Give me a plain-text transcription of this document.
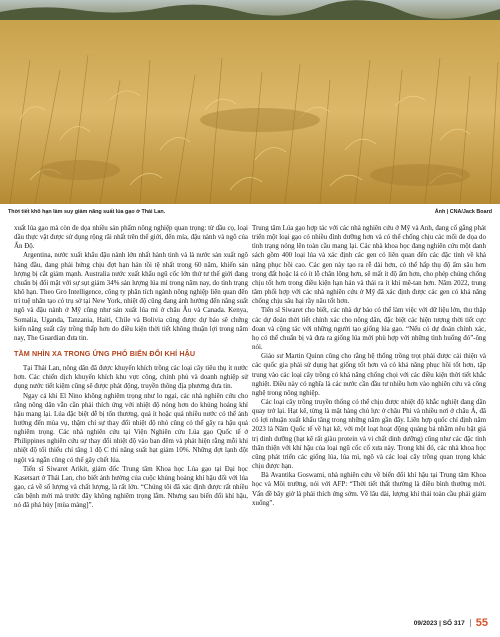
Thời tiết khô hạn làm suy giảm năng suất lúa gạo ở Thái Lan.	Ảnh | CNA/Jack Board

xuất lúa gạo mà còn đe dọa nhiều sản phẩm nông nghiệp quan trọng: từ dầu cọ, loại dầu thực vật được sử dụng rộng rãi nhất trên thế giới, đến mía, đậu nành và ngô của Ấn Độ.

Argentina, nước xuất khẩu đậu nành lớn nhất hành tinh và là nước sản xuất ngô hàng đầu, đang phải hứng chịu đợt hạn hán tồi tệ nhất trong 60 năm, khiến sản lượng bị cắt giảm mạnh. Australia nước xuất khẩu ngũ cốc lớn thứ tư thế giới đang chuẩn bị đối mặt với sự sụt giảm 34% sản lượng lúa mì trong năm nay, do tình trạng khô hạn. Theo Gro Intelligence, công ty phân tích ngành nông nghiệp liên quan đến trí tuệ nhân tạo có trụ sở tại New York, nhiệt độ cũng đang ảnh hưởng đến năng suất ngô và đậu nành ở Mỹ cũng như sản xuất lúa mì ở châu Âu và Canada. Kenya, Somalia, Uganda, Tanzania, Haiti, Chile và Bolivia cũng được dự báo sẽ chứng kiến năng suất cây trồng thấp hơn do điều kiện thời tiết không thuận lợi trong năm nay, The Guardian đưa tin.

TẦM NHÌN XA TRONG ỨNG PHÓ BIẾN ĐỔI KHÍ HẬU

Tại Thái Lan, nông dân đã được khuyến khích trồng các loại cây tiêu thụ ít nước hơn. Các chiến dịch khuyến khích khu vực công, chính phủ và doanh nghiệp sử dụng nước tiết kiệm cũng sẽ được phát động, truyền thông địa phương đưa tin.

Ngay cả khi El Nino không nghiêm trọng như lo ngại, các nhà nghiên cứu cho rằng nông dân vẫn cần phải thích ứng với nhiệt độ nóng hơn do khủng hoảng khí hậu mang lại. Lúa đặc biệt dễ bị tổn thương, quá ít hoặc quá nhiều nước có thể ảnh hưởng đến mùa vụ, thậm chí sự thay đổi nhiệt độ nhỏ cũng có thể gây ra hậu quả nghiêm trọng. Các nhà nghiên cứu tại Viện Nghiên cứu Lúa gạo Quốc tế ở Philippines nghiên cứu sự thay đổi nhiệt độ vào ban đêm và phát hiện rằng mỗi khi nhiệt độ tối thiểu chỉ tăng 1 độ C thì năng suất hạt giảm 10%. Những đợt lạnh đột ngột và ngắn cũng có thể gây chết lúa.

Tiến sĩ Siwaret Arikit, giám đốc Trung tâm Khoa học Lúa gạo tại Đại học Kasetsart ở Thái Lan, cho biết ảnh hưởng của cuộc khủng hoảng khí hậu đối với lúa gạo, cả về số lượng và chất lượng, là rất lớn. “Chúng tôi đã xác định được rất nhiều căn bệnh mới mà trước đây không nghiêm trọng lắm. Nhưng sau biến đổi khí hậu, nó đã phá hủy [mùa màng]”.

Trung tâm Lúa gạo hợp tác với các nhà nghiên cứu ở Mỹ và Anh, đang cố gắng phát triển một loại gạo có nhiều đỉnh dưỡng hơn và có thể chống chịu các mối đe dọa do tình trạng nóng lên toàn cầu mang lại. Các nhà khoa học đang nghiên cứu một danh sách gồm 400 loại lúa và xác định các gen có liên quan đến các đặc tính về khả năng phục hồi cao. Các gen này tạo ra rễ dài hơn, có thể hấp thụ độ ẩm sâu hơn trong đất hoặc lá có ít lỗ chân lông hơn, sẽ mất ít độ ẩm hơn, cho phép chúng chống chịu tốt hơn trong điều kiện hạn hán và thải ra ít khí mê-tan hơn. Năm 2022, trung tâm phối hợp với các nhà nghiên cứu ở Mỹ đã xác định được các gen có khả năng chống chịu sâu hại rầy nâu tốt hơn.

Tiến sĩ Siwaret cho biết, các nhà dự báo có thể làm việc với dữ liệu lớn, thu thập các dự đoán thời tiết chính xác cho nông dân, đặc biệt các hiện tượng thời tiết cực đoan và cộng tác với những người tạo giống lúa gạo. “Nếu có dự đoán chính xác, họ có thể chuẩn bị và đưa ra giống lúa mới phù hợp với những tình huống đó”-ông nói.

Giáo sư Martin Quinn cũng cho rằng hệ thống trồng trọt phải được cải thiện và các quốc gia phải sử dụng hạt giống tốt hơn và có khả năng phục hồi tốt hơn, tập trung vào các loại cây trồng có khả năng chống chọi với các điều kiện thời tiết khắc nghiệt. Điều này có nghĩa là các nước cần đầu tư nhiều hơn vào nghiên cứu và công nghệ trong nông nghiệp.

Các loại cây trồng truyền thống có thể chịu được nhiệt độ khắc nghiệt đang dần quay trở lại. Hạt kê, từng là mặt hàng chủ lực ở châu Phi và nhiều nơi ở châu Á, đã có lợi nhuận xuất khẩu tăng trong những năm gần đây. Liên hợp quốc chỉ định năm 2023 là Năm Quốc tế về hạt kê, với một loạt hoạt động quảng bá nhằm nêu bật giá trị dinh dưỡng (hạt kê rất giàu protein và vi chất dinh dưỡng) cũng như các đặc tính thân thiện với khí hậu của loại ngũ cốc cổ xưa này. Trong khi đó, các nhà khoa học cũng phát triển các giống lúa, lúa mì, ngô và các loại cây trồng quan trọng khác chịu được hạn.

Bà Avantika Goswami, nhà nghiên cứu về biến đổi khí hậu tại Trung tâm Khoa học và Môi trường, nói với AFP: “Thời tiết thất thường là điều bình thường mới. Vấn đề bây giờ là phải thích ứng sớm. Về lâu dài, lượng khí thải toàn cầu phải giảm xuống”.

09/2023 | SỐ 317 55
